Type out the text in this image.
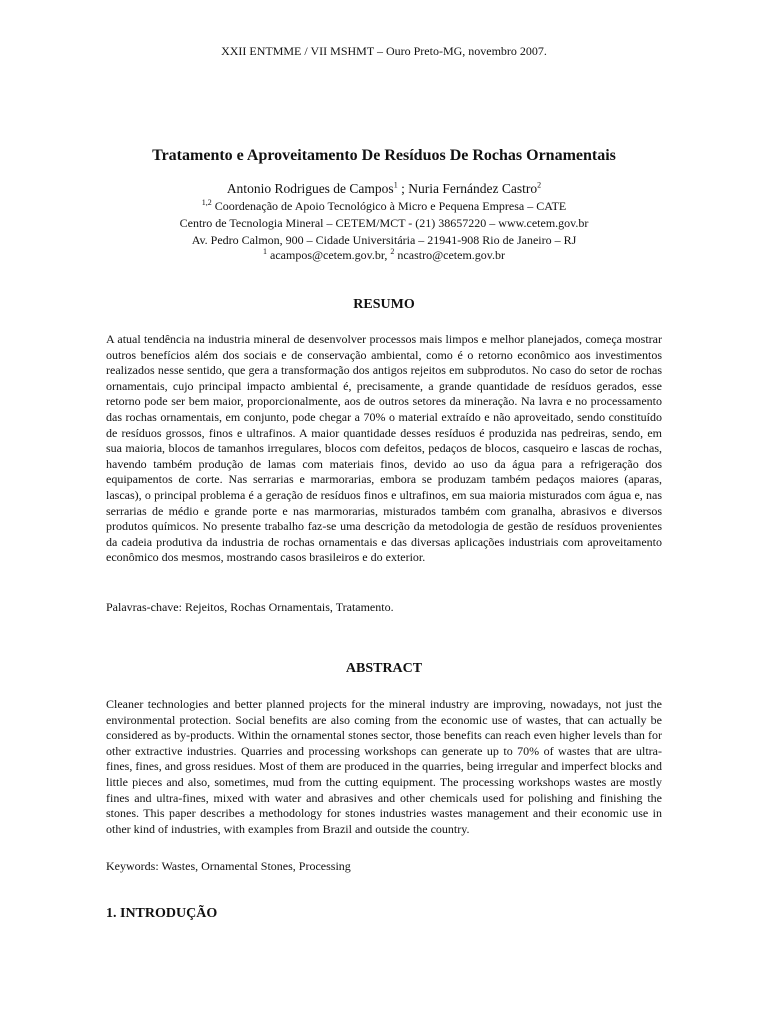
XXII ENTMME / VII MSHMT – Ouro Preto-MG, novembro 2007.
Tratamento e Aproveitamento De Resíduos De Rochas Ornamentais
Antonio Rodrigues de Campos$^1$ ; Nuria Fernández Castro$^2$
$^{1,2}$ Coordenação de Apoio Tecnológico à Micro e Pequena Empresa – CATE
Centro de Tecnologia Mineral – CETEM/MCT - (21) 38657220 – www.cetem.gov.br
Av. Pedro Calmon, 900 – Cidade Universitária – 21941-908 Rio de Janeiro – RJ
$^1$ acampos@cetem.gov.br, $^2$ ncastro@cetem.gov.br
RESUMO

A atual tendência na industria mineral de desenvolver processos mais limpos e melhor planejados, começa mostrar outros benefícios além dos sociais e de conservação ambiental, como é o retorno econômico aos investimentos realizados nesse sentido, que gera a transformação dos antigos rejeitos em subprodutos. No caso do setor de rochas ornamentais, cujo principal impacto ambiental é, precisamente, a grande quantidade de resíduos gerados, esse retorno pode ser bem maior, proporcionalmente, aos de outros setores da mineração. Na lavra e no processamento das rochas ornamentais, em conjunto, pode chegar a 70% o material extraído e não aproveitado, sendo constituído de resíduos grossos, finos e ultrafinos. A maior quantidade desses resíduos é produzida nas pedreiras, sendo, em sua maioria, blocos de tamanhos irregulares, blocos com defeitos, pedaços de blocos, casqueiro e lascas de rochas, havendo também produção de lamas com materiais finos, devido ao uso da água para a refrigeração dos equipamentos de corte. Nas serrarias e marmorarias, embora se produzam também pedaços maiores (aparas, lascas), o principal problema é a geração de resíduos finos e ultrafinos, em sua maioria misturados com água e, nas serrarias de médio e grande porte e nas marmorarias, misturados também com granalha, abrasivos e diversos produtos químicos. No presente trabalho faz-se uma descrição da metodologia de gestão de resíduos provenientes da cadeia produtiva da industria de rochas ornamentais e das diversas aplicações industriais com aproveitamento econômico dos mesmos, mostrando casos brasileiros e do exterior.

Palavras-chave: Rejeitos, Rochas Ornamentais, Tratamento.

ABSTRACT

Cleaner technologies and better planned projects for the mineral industry are improving, nowadays, not just the environmental protection. Social benefits are also coming from the economic use of wastes, that can actually be considered as by-products. Within the ornamental stones sector, those benefits can reach even higher levels than for other extractive industries. Quarries and processing workshops can generate up to 70% of wastes that are ultra-fines, fines, and gross residues. Most of them are produced in the quarries, being irregular and imperfect blocks and little pieces and also, sometimes, mud from the cutting equipment. The processing workshops wastes are mostly fines and ultra-fines, mixed with water and abrasives and other chemicals used for polishing and finishing the stones. This paper describes a methodology for stones industries wastes management and their economic use in other kind of industries, with examples from Brazil and outside the country.

Keywords: Wastes, Ornamental Stones, Processing

1. INTRODUÇÃO
